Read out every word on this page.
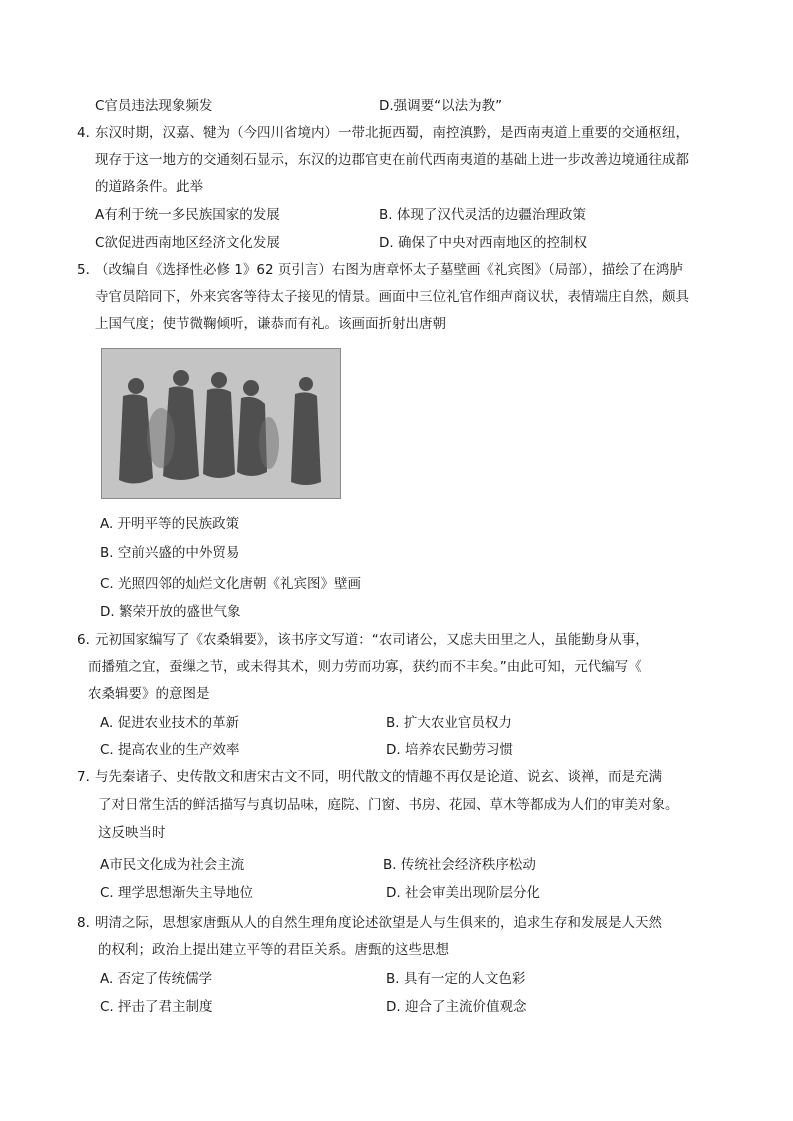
C官员违法现象频发	D.强调要“以法为教”
4．
东汉时期，汉嘉、犍为（今四川省境内）一带北扼西蜀，南控滇黔，是西南夷道上重要的交通枢纽，
现存于这一地方的交通刻石显示，东汉的边郡官吏在前代西南夷道的基础上进一步改善边境通往成都
的道路条件。此举
A有利于统一多民族国家的发展	B. 体现了汉代灵活的边疆治理政策
C欲促进西南地区经济文化发展	D. 确保了中央对西南地区的控制权
5．
（改编自《选择性必修 1》62 页引言）右图为唐章怀太子墓壁画《礼宾图》（局部），描绘了在鸿胪
寺官员陪同下，外来宾客等待太子接见的情景。画面中三位礼官作细声商议状，表情端庄自然，颇具
上国气度；使节微鞠倾听，谦恭而有礼。该画面折射出唐朝
A. 开明平等的民族政策
B. 空前兴盛的中外贸易
C. 光照四邻的灿烂文化唐朝《礼宾图》壁画
D. 繁荣开放的盛世气象
6．
元初国家编写了《农桑辑要》，该书序文写道：“农司诸公，又虑夫田里之人，虽能勤身从事，
而播殖之宜，蚕缫之节，或未得其术，则力劳而功寡，获约而不丰矣。”由此可知，元代编写《
农桑辑要》的意图是
A. 促进农业技术的革新	B. 扩大农业官员权力
C. 提高农业的生产效率	D. 培养农民勤劳习惯
7．
与先秦诸子、史传散文和唐宋古文不同，明代散文的情趣不再仅是论道、说玄、谈禅，而是充满
了对日常生活的鲜活描写与真切品味，庭院、门窗、书房、花园、草木等都成为人们的审美对象。
这反映当时
A市民文化成为社会主流	B. 传统社会经济秩序松动
C. 理学思想渐失主导地位	D. 社会审美出现阶层分化
8．
明清之际，思想家唐甄从人的自然生理角度论述欲望是人与生俱来的，追求生存和发展是人天然
的权利；政治上提出建立平等的君臣关系。唐甄的这些思想
A. 否定了传统儒学	B. 具有一定的人文色彩
C. 抨击了君主制度	D. 迎合了主流价值观念
